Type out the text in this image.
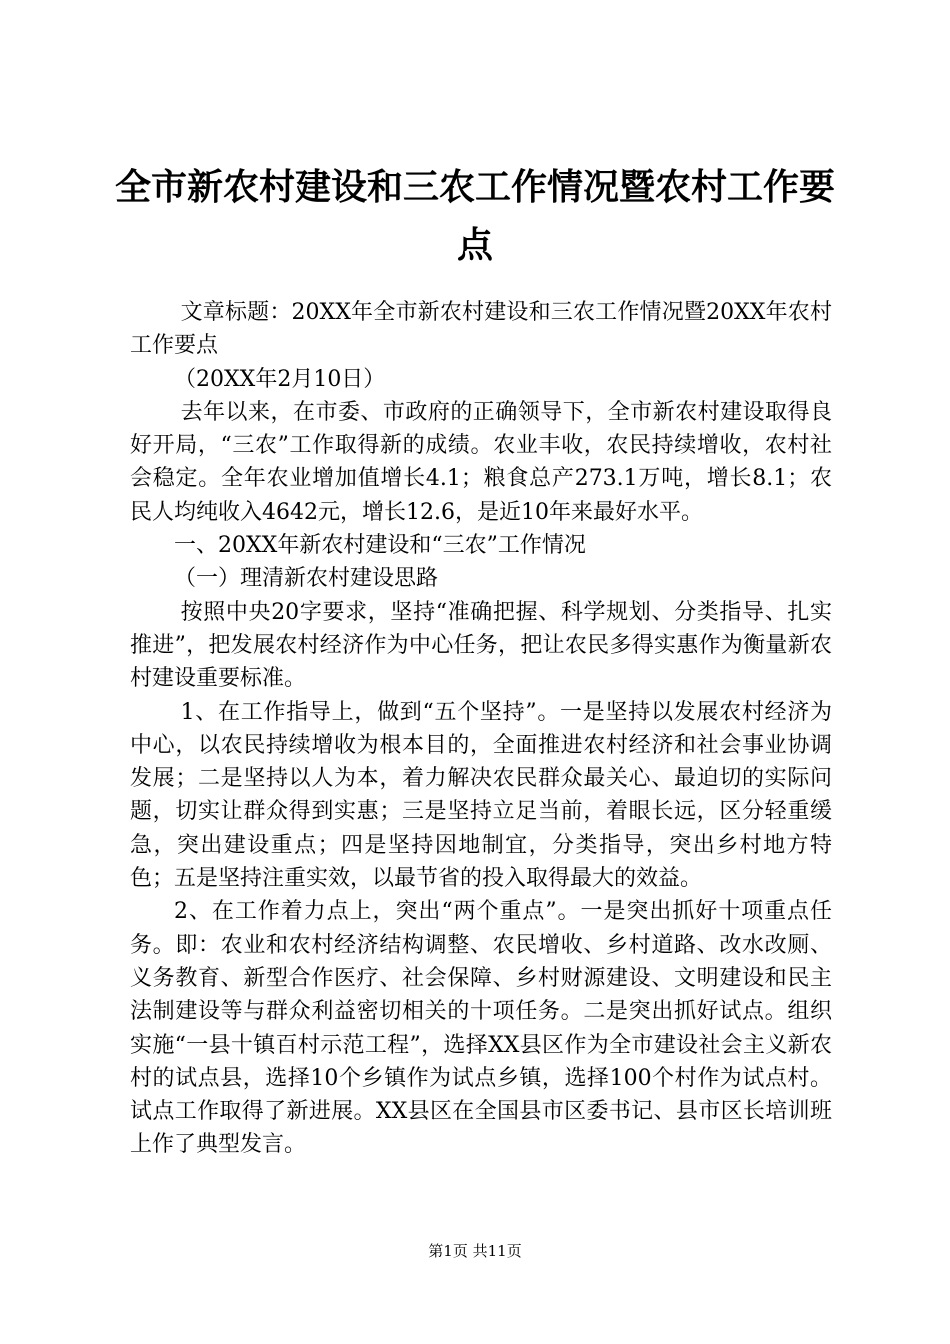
全市新农村建设和三农工作情况暨农村工作要点

文章标题：20XX年全市新农村建设和三农工作情况暨20XX年农村工作要点

（20XX年2月10日）

去年以来，在市委、市政府的正确领导下，全市新农村建设取得良好开局，“三农”工作取得新的成绩。农业丰收，农民持续增收，农村社会稳定。全年农业增加值增长4.1；粮食总产273.1万吨，增长8.1；农民人均纯收入4642元，增长12.6，是近10年来最好水平。

一、20XX年新农村建设和“三农”工作情况

（一）理清新农村建设思路

按照中央20字要求，坚持“准确把握、科学规划、分类指导、扎实推进”，把发展农村经济作为中心任务，把让农民多得实惠作为衡量新农村建设重要标准。

1、在工作指导上，做到“五个坚持”。一是坚持以发展农村经济为中心，以农民持续增收为根本目的，全面推进农村经济和社会事业协调发展；二是坚持以人为本，着力解决农民群众最关心、最迫切的实际问题，切实让群众得到实惠；三是坚持立足当前，着眼长远，区分轻重缓急，突出建设重点；四是坚持因地制宜，分类指导，突出乡村地方特色；五是坚持注重实效，以最节省的投入取得最大的效益。

2、在工作着力点上，突出“两个重点”。一是突出抓好十项重点任务。即：农业和农村经济结构调整、农民增收、乡村道路、改水改厕、义务教育、新型合作医疗、社会保障、乡村财源建设、文明建设和民主法制建设等与群众利益密切相关的十项任务。二是突出抓好试点。组织实施“一县十镇百村示范工程”，选择XX县区作为全市建设社会主义新农村的试点县，选择10个乡镇作为试点乡镇，选择100个村作为试点村。试点工作取得了新进展。XX县区在全国县市区委书记、县市区长培训班上作了典型发言。

第1页 共11页
